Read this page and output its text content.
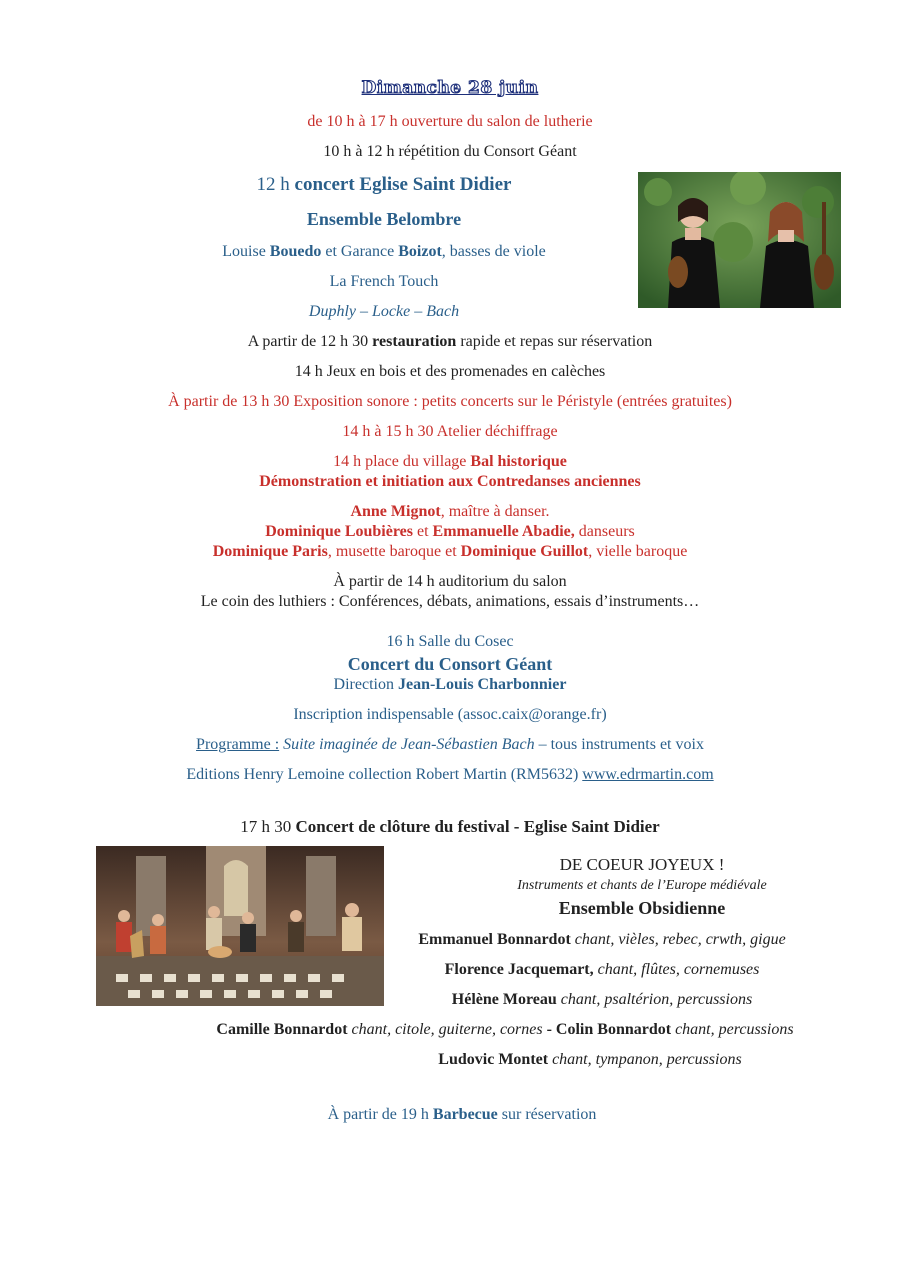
Dimanche 28 juin
de 10 h à 17 h ouverture du salon de lutherie
10 h à 12 h répétition du Consort Géant
12 h concert Eglise Saint Didier
Ensemble Belombre
Louise Bouedo et Garance Boizot, basses de viole
La French Touch
Duphly – Locke – Bach
A partir de 12 h 30 restauration rapide et repas sur réservation
14 h Jeux en bois et des promenades en calèches
À partir de 13 h 30 Exposition sonore : petits concerts sur le Péristyle (entrées gratuites)
14 h à 15 h 30 Atelier déchiffrage
14 h place du village Bal historique
Démonstration et initiation aux Contredanses anciennes
Anne Mignot, maître à danser.
Dominique Loubières et Emmanuelle Abadie, danseurs
Dominique Paris, musette baroque et Dominique Guillot, vielle baroque
À partir de 14 h auditorium du salon
Le coin des luthiers : Conférences, débats, animations, essais d’instruments…
16 h Salle du Cosec
Concert du Consort Géant
Direction Jean-Louis Charbonnier
Inscription indispensable (assoc.caix@orange.fr)
Programme : Suite imaginée de Jean-Sébastien Bach – tous instruments et voix
Editions Henry Lemoine collection Robert Martin (RM5632) www.edrmartin.com
17 h 30 Concert de clôture du festival - Eglise Saint Didier
DE COEUR JOYEUX !
Instruments et chants de l’Europe médiévale
Ensemble Obsidienne
Emmanuel Bonnardot chant, vièles, rebec, crwth, gigue
Florence Jacquemart, chant, flûtes, cornemuses
Hélène Moreau chant, psaltérion, percussions
Camille Bonnardot chant, citole, guiterne, cornes - Colin Bonnardot chant, percussions
Ludovic Montet chant, tympanon, percussions
À partir de 19 h Barbecue sur réservation
